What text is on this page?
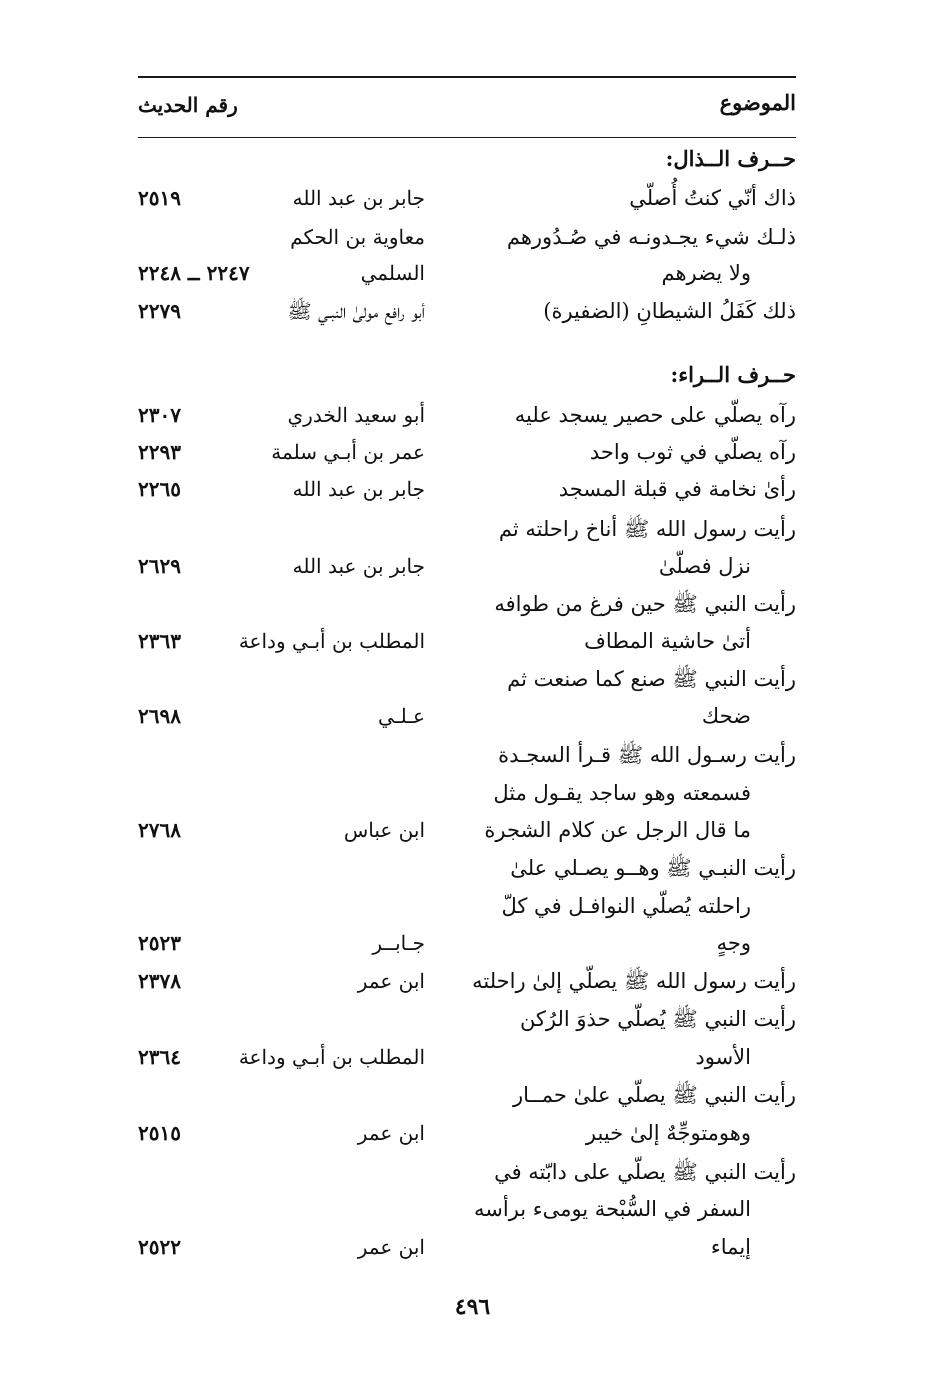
الموضوع
رقم الحديث
حــرف الــذال:
ذاك أنّي كنتُ أُصلّي
جابر بن عبد الله
٢٥١٩
ذلـك شيء يجـدونـه في صُـدُورهم
معاوية بن الحكم
ولا يضرهم
السلمي
٢٢٤٧ ــ ٢٢٤٨
ذلك كَفَلُ الشيطانِ (الضفيرة)
أبو رافع مولىٰ النبـي ﷺ
٢٢٧٩
حــرف الــراء:
رآه يصلّي على حصير يسجد عليه
أبو سعيد الخدري
٢٣٠٧
رآه يصلّي في ثوب واحد
عمر بن أبـي سلمة
٢٢٩٣
رأىٰ نخامة في قبلة المسجد
جابر بن عبد الله
٢٢٦٥
رأيت رسول الله ﷺ أناخ راحلته ثم
نزل فصلّىٰ
جابر بن عبد الله
٢٦٢٩
رأيت النبي ﷺ حين فرغ من طوافه
أتىٰ حاشية المطاف
المطلب بن أبـي وداعة
٢٣٦٣
رأيت النبي ﷺ صنع كما صنعت ثم
ضحك
عـلـي
٢٦٩٨
رأيت رسـول الله ﷺ قـرأ السجـدة
فسمعته وهو ساجد يقـول مثل
ما قال الرجل عن كلام الشجرة
ابن عباس
٢٧٦٨
رأيت النبـي ﷺ وهــو يصـلي علىٰ
راحلته يُصلّي النوافـل في كلّ
وجهٍ
جـابــر
٢٥٢٣
رأيت رسول الله ﷺ يصلّي إلىٰ راحلته
ابن عمر
٢٣٧٨
رأيت النبي ﷺ يُصلّي حذوَ الرُكن
الأسود
المطلب بن أبـي وداعة
٢٣٦٤
رأيت النبي ﷺ يصلّي علىٰ حمــار
وهومتوجِّهٌ إلىٰ خيبر
ابن عمر
٢٥١٥
رأيت النبي ﷺ يصلّي على دابّته في
السفر في السُّبْحة يومىء برأسه
إيماء
ابن عمر
٢٥٢٢
٤٩٦
